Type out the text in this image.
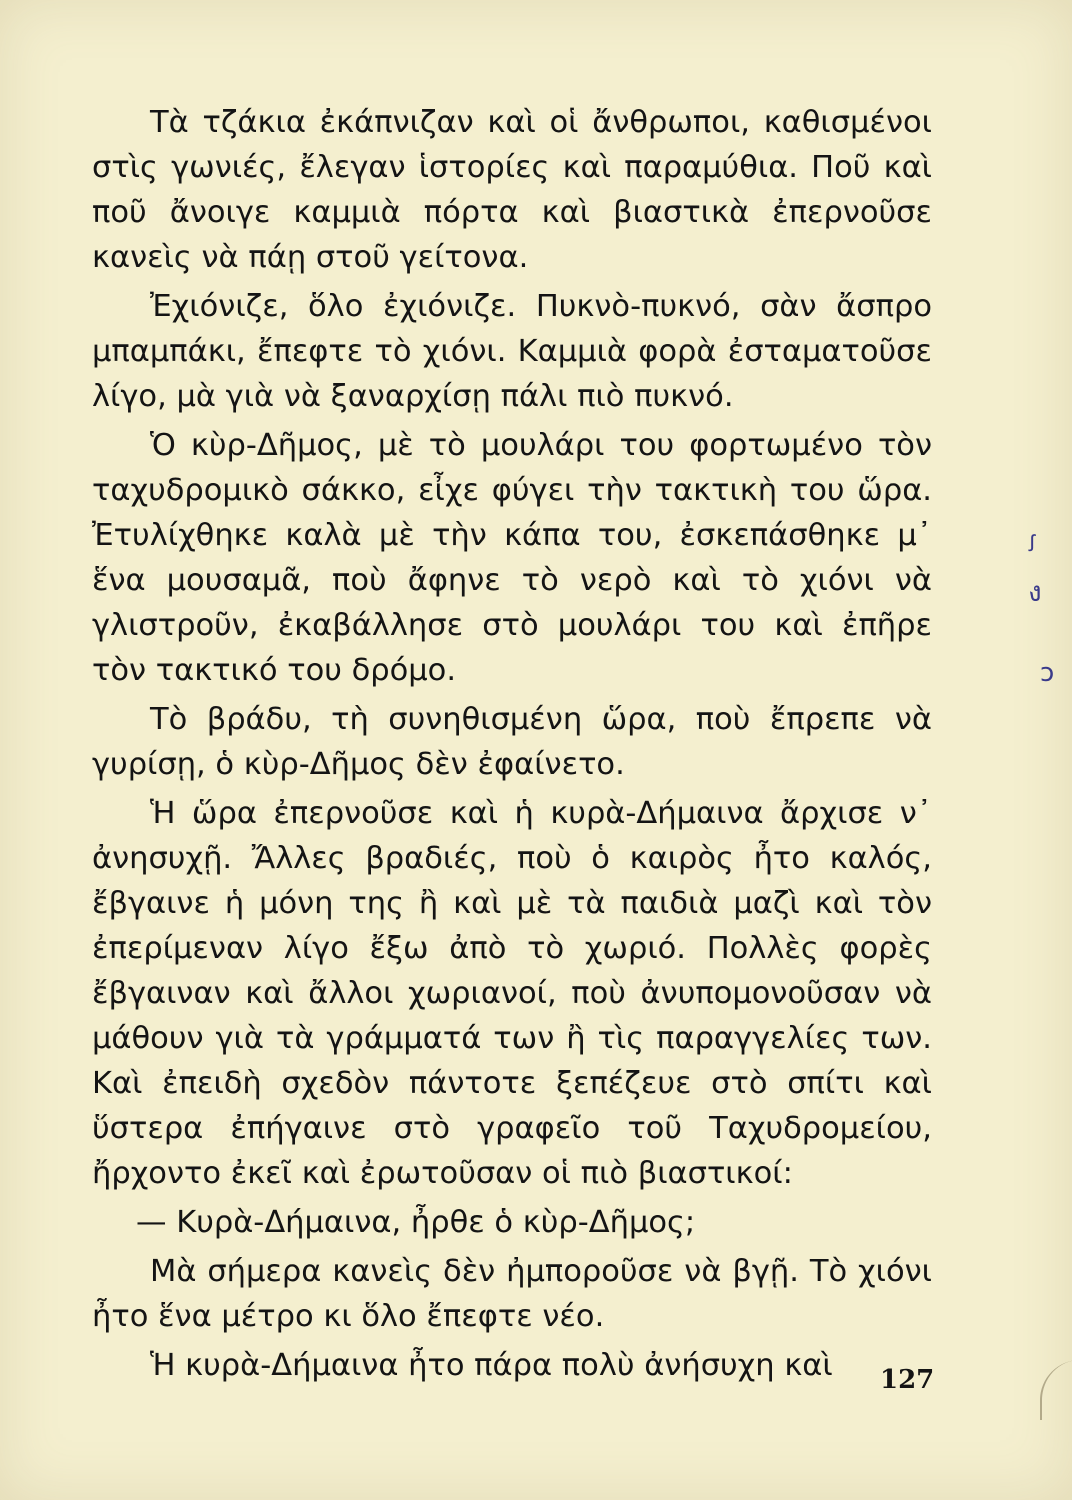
Τὰ τζάκια ἐκάπνιζαν καὶ οἱ ἄνθρωποι, καθισμένοι στὶς γωνιές, ἔλεγαν ἱστορίες καὶ παραμύθια. Ποῦ καὶ ποῦ ἄνοιγε καμμιὰ πόρτα καὶ βιαστικὰ ἐπερνοῦσε κανεὶς νὰ πάῃ στοῦ γείτονα.

Ἐχιόνιζε, ὅλο ἐχιόνιζε. Πυκνὸ-πυκνό, σὰν ἄσπρο μπαμπάκι, ἔπεφτε τὸ χιόνι. Καμμιὰ φορὰ ἐσταματοῦσε λίγο, μὰ γιὰ νὰ ξαναρχίσῃ πάλι πιὸ πυκνό.

Ὁ κὺρ-Δῆμος, μὲ τὸ μουλάρι του φορτωμένο τὸν ταχυδρομικὸ σάκκο, εἶχε φύγει τὴν τακτικὴ του ὥρα. Ἐτυλίχθηκε καλὰ μὲ τὴν κάπα του, ἐσκεπάσθηκε μ᾿ ἕνα μουσαμᾶ, ποὺ ἄφηνε τὸ νερὸ καὶ τὸ χιόνι νὰ γλιστροῦν, ἐκαβάλλησε στὸ μουλάρι του καὶ ἐπῆρε τὸν τακτικό του δρόμο.

Τὸ βράδυ, τὴ συνηθισμένη ὥρα, ποὺ ἔπρεπε νὰ γυρίσῃ, ὁ κὺρ-Δῆμος δὲν ἐφαίνετο.

Ἡ ὥρα ἐπερνοῦσε καὶ ἡ κυρὰ-Δήμαινα ἄρχισε ν᾿ ἀνησυχῇ. Ἄλλες βραδιές, ποὺ ὁ καιρὸς ἦτο καλός, ἔβγαινε ἡ μόνη της ἢ καὶ μὲ τὰ παιδιὰ μαζὶ καὶ τὸν ἐπερίμεναν λίγο ἔξω ἀπὸ τὸ χωριό. Πολλὲς φορὲς ἔβγαιναν καὶ ἄλλοι χωριανοί, ποὺ ἀνυπομονοῦσαν νὰ μάθουν γιὰ τὰ γράμματά των ἢ τὶς παραγγελίες των. Καὶ ἐπειδὴ σχεδὸν πάντοτε ξεπέζευε στὸ σπίτι καὶ ὕστερα ἐπήγαινε στὸ γραφεῖο τοῦ Ταχυδρομείου, ἤρχοντο ἐκεῖ καὶ ἐρωτοῦσαν οἱ πιὸ βιαστικοί:

— Κυρὰ-Δήμαινα, ἦρθε ὁ κὺρ-Δῆμος;

Μὰ σήμερα κανεὶς δὲν ἠμποροῦσε νὰ βγῇ. Τὸ χιόνι ἦτο ἕνα μέτρο κι ὅλο ἔπεφτε νέο.

Ἡ κυρὰ-Δήμαινα ἦτο πάρα πολὺ ἀνήσυχη καὶ

ꭍ
ง
ↄ
127
